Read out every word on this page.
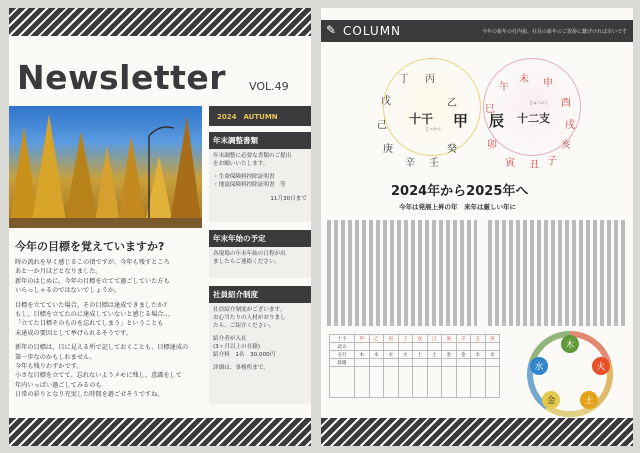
Newsletter VOL.49
2024　AUTUMN
年末調整書類
年末調整に必要な書類のご提出
をお願いいたします。
・生命保険料控除証明書
・地震保険料控除証明書　等
11月30日まで
年末年始の予定
各現場の年末年始の日程が出
ましたらご連絡ください。
社員紹介制度
社員紹介制度がございます。
お心当たりの人材がおりまし
たら、ご紹介ください。
紹介者が入社
(3ヶ月以上の在籍)
紹介料　1名　30,000円
詳細は、事務所まで。
今年の目標を覚えていますか?
時の流れを早く感じるこの頃ですが、今年も残すところ
あと一か月ほどとなりました。
新年のはじめに、今年の目標を立てて過ごしていた方も
いらっしゃるのではないでしょうか。
目標を立てていた場合、その目標は達成できましたか?
もし、目標を立てたのに達成していないと感じる場合…
「立てた目標そのものを忘れてしまう」ということも
未達成の要因として挙げられるそうです。
新年の目標は、目に見える所で記しておくことも、目標達成の
第一歩なのかもしれません。
今年も残りわずかです。
小さな目標を立てて、忘れないようメモに残し、意識をして
年内いっぱい過ごしてみるのも
日常の彩りとなり充実した時間を過ごせそうですね。
✎ COLUMN	今年の新年の社内報、社長の新年のご挨拶に繋げければ幸いです
丁 丙
乙
戊
己
庚
辛 壬
癸
十干
じっかん 甲
午
未 申
巳
酉
戌
亥
子
丑
寅
卯
辰 十二支
じゅうにし
2024年から2025年へ
今年は発展上昇の年　来年は厳しい年に
十干	甲	乙	丙	丁	戊	己	庚	辛	壬	癸
読み										
五行	木	木	火	火	土	土	金	金	水	水
陰陽										

木
火
土
金
水
